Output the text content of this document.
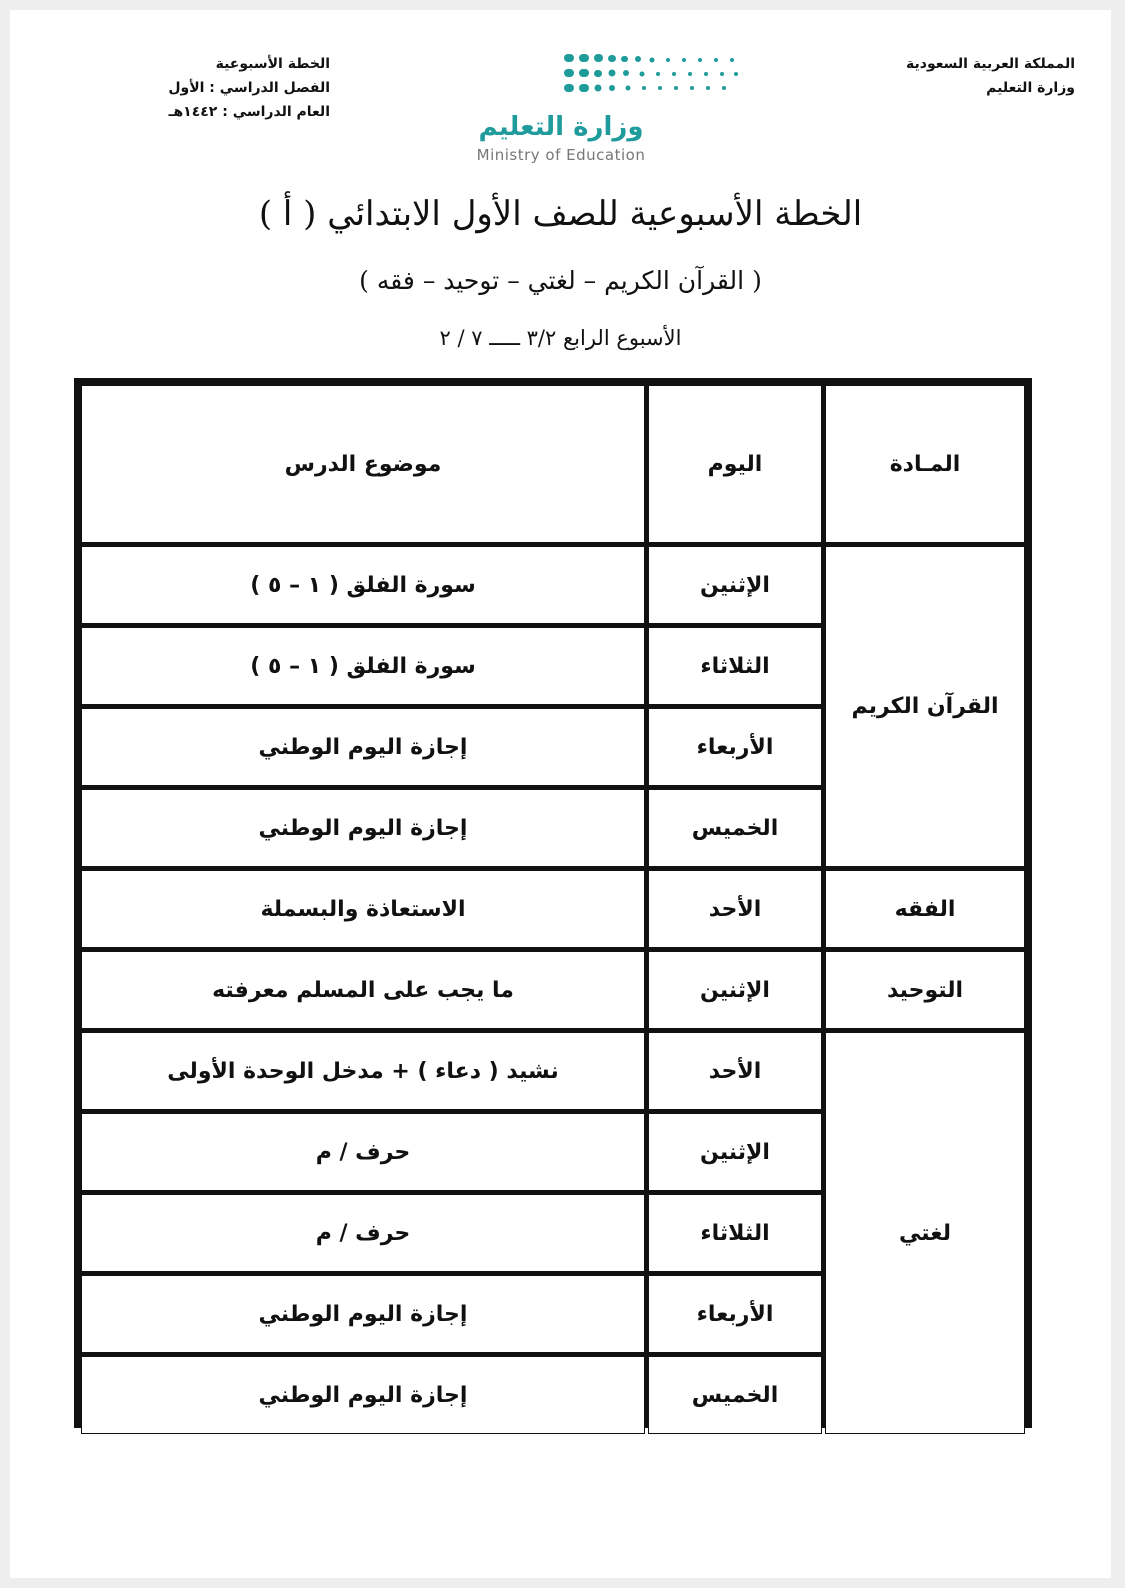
المملكة العربية السعودية
وزارة التعليم
وزارة التعليم
Ministry of Education
الخطة الأسبوعية
الفصل الدراسي : الأول
العام الدراسي : ١٤٤٢هـ
الخطة الأسبوعية للصف الأول الابتدائي ( أ )
( القرآن الكريم – لغتي – توحيد – فقه )
الأسبوع الرابع ٣/٢ ـــــ ٧ / ٢
المـادة	اليوم	موضوع الدرس
القرآن الكريم	الإثنين	سورة الفلق ( ١ – ٥ )
	الثلاثاء	سورة الفلق ( ١ – ٥ )
	الأربعاء	إجازة اليوم الوطني
	الخميس	إجازة اليوم الوطني
الفقه	الأحد	الاستعاذة والبسملة
التوحيد	الإثنين	ما يجب على المسلم معرفته
لغتي	الأحد	نشيد ( دعاء ) + مدخل الوحدة الأولى
	الإثنين	حرف / م
	الثلاثاء	حرف / م
	الأربعاء	إجازة اليوم الوطني
	الخميس	إجازة اليوم الوطني
